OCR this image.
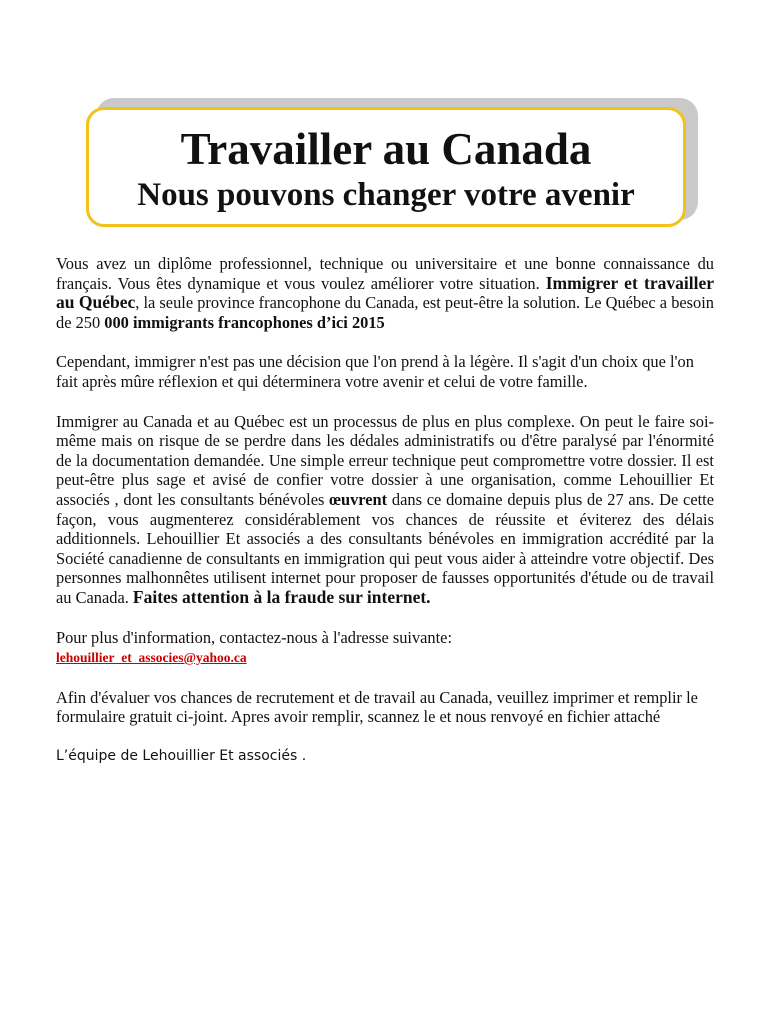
Travailler au Canada
Nous pouvons changer votre avenir

Vous avez un diplôme professionnel, technique ou universitaire et une bonne connaissance du français. Vous êtes dynamique et vous voulez améliorer votre situation. Immigrer et travailler au Québec, la seule province francophone du Canada, est peut-être la solution. Le Québec a besoin de 250 000 immigrants francophones d’ici 2015

Cependant, immigrer n'est pas une décision que l'on prend à la légère. Il s'agit d'un choix que l'on fait après mûre réflexion et qui déterminera votre avenir et celui de votre famille.

Immigrer au Canada et au Québec est un processus de plus en plus complexe. On peut le faire soi-même mais on risque de se perdre dans les dédales administratifs ou d'être paralysé par l'énormité de la documentation demandée. Une simple erreur technique peut compromettre votre dossier. Il est peut-être plus sage et avisé de confier votre dossier à une organisation, comme Lehouillier Et associés , dont les consultants bénévoles œuvrent dans ce domaine depuis plus de 27 ans. De cette façon, vous augmenterez considérablement vos chances de réussite et éviterez des délais additionnels. Lehouillier Et associés a des consultants bénévoles en immigration accrédité par la Société canadienne de consultants en immigration qui peut vous aider à atteindre votre objectif. Des personnes malhonnêtes utilisent internet pour proposer de fausses opportunités d'étude ou de travail au Canada. Faites attention à la fraude sur internet.

Pour plus d'information, contactez-nous à l'adresse suivante:
lehouillier_et_associes@yahoo.ca

Afin d'évaluer vos chances de recrutement et de travail au Canada, veuillez imprimer et remplir le formulaire gratuit ci-joint. Apres avoir remplir, scannez le et nous renvoyé en fichier attaché

L’équipe de Lehouillier Et associés .
